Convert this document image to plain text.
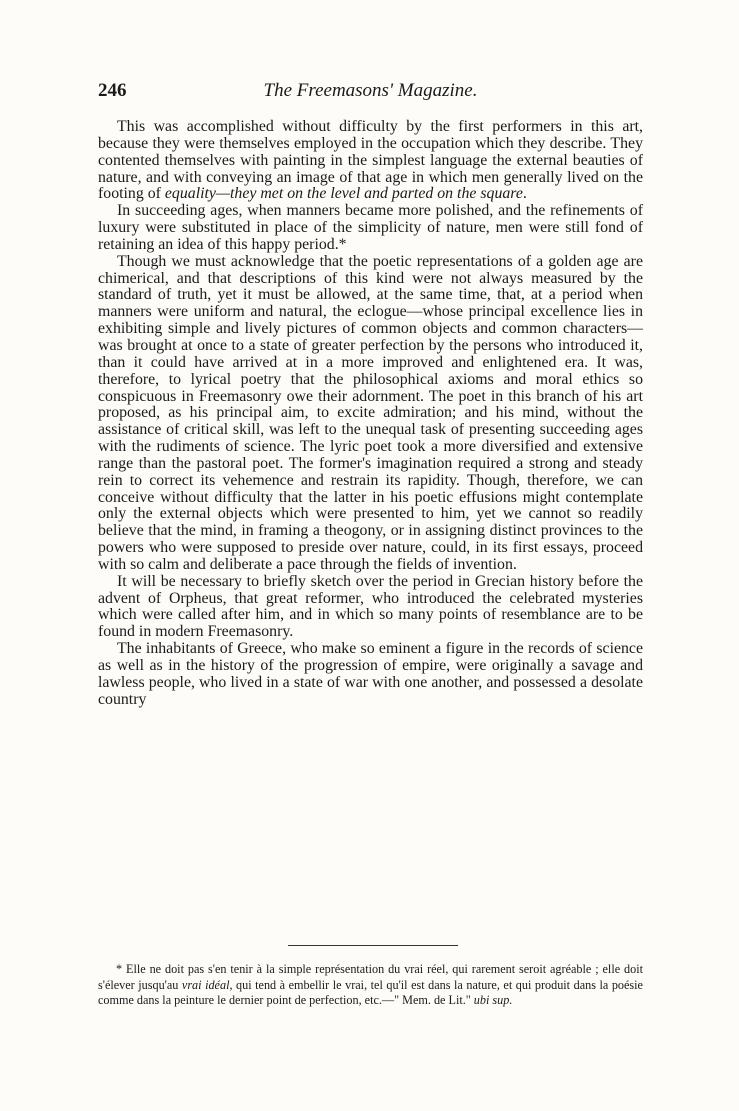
246	The Freemasons' Magazine.

This was accomplished without difficulty by the first performers in this art, because they were themselves employed in the occupation which they describe. They contented themselves with painting in the simplest language the external beauties of nature, and with conveying an image of that age in which men generally lived on the footing of equality—they met on the level and parted on the square.

In succeeding ages, when manners became more polished, and the refinements of luxury were substituted in place of the simplicity of nature, men were still fond of retaining an idea of this happy period.*

Though we must acknowledge that the poetic representations of a golden age are chimerical, and that descriptions of this kind were not always measured by the standard of truth, yet it must be allowed, at the same time, that, at a period when manners were uniform and natural, the eclogue—whose principal excellence lies in exhibiting simple and lively pictures of common objects and common characters—was brought at once to a state of greater perfection by the persons who introduced it, than it could have arrived at in a more improved and enlightened era. It was, therefore, to lyrical poetry that the philosophical axioms and moral ethics so conspicuous in Freemasonry owe their adornment. The poet in this branch of his art proposed, as his principal aim, to excite admiration; and his mind, without the assistance of critical skill, was left to the unequal task of presenting succeeding ages with the rudiments of science. The lyric poet took a more diversified and extensive range than the pastoral poet. The former's imagination required a strong and steady rein to correct its vehemence and restrain its rapidity. Though, therefore, we can conceive without difficulty that the latter in his poetic effusions might contemplate only the external objects which were presented to him, yet we cannot so readily believe that the mind, in framing a theogony, or in assigning distinct provinces to the powers who were supposed to preside over nature, could, in its first essays, proceed with so calm and deliberate a pace through the fields of invention.

It will be necessary to briefly sketch over the period in Grecian history before the advent of Orpheus, that great reformer, who introduced the celebrated mysteries which were called after him, and in which so many points of resemblance are to be found in modern Freemasonry.

The inhabitants of Greece, who make so eminent a figure in the records of science as well as in the history of the progression of empire, were originally a savage and lawless people, who lived in a state of war with one another, and possessed a desolate country

* Elle ne doit pas s'en tenir à la simple représentation du vrai réel, qui rarement seroit agréable ; elle doit s'élever jusqu'au vrai idéal, qui tend à embellir le vrai, tel qu'il est dans la nature, et qui produit dans la poésie comme dans la peinture le dernier point de perfection, etc.—" Mem. de Lit." ubi sup.
